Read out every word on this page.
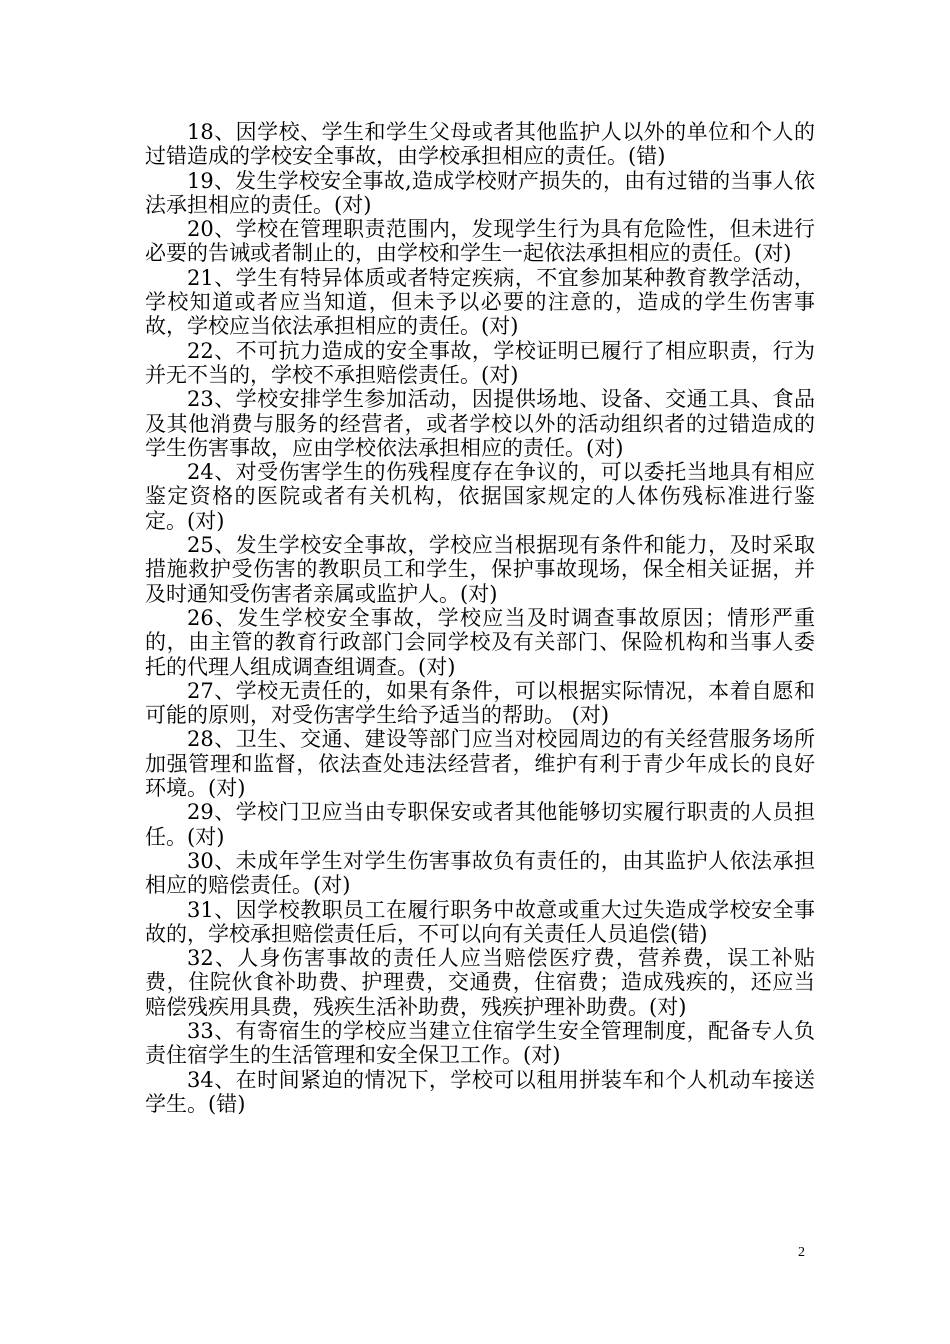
18、因学校、学生和学生父母或者其他监护人以外的单位和个人的过错造成的学校安全事故，由学校承担相应的责任。(错)

19、发生学校安全事故,造成学校财产损失的，由有过错的当事人依法承担相应的责任。(对)

20、学校在管理职责范围内，发现学生行为具有危险性，但未进行必要的告诫或者制止的，由学校和学生一起依法承担相应的责任。(对)

21、学生有特异体质或者特定疾病，不宜参加某种教育教学活动，学校知道或者应当知道，但未予以必要的注意的，造成的学生伤害事故，学校应当依法承担相应的责任。(对)

22、不可抗力造成的安全事故，学校证明已履行了相应职责，行为并无不当的，学校不承担赔偿责任。(对)

23、学校安排学生参加活动，因提供场地、设备、交通工具、食品及其他消费与服务的经营者，或者学校以外的活动组织者的过错造成的学生伤害事故，应由学校依法承担相应的责任。(对)

24、对受伤害学生的伤残程度存在争议的，可以委托当地具有相应鉴定资格的医院或者有关机构，依据国家规定的人体伤残标准进行鉴定。(对)

25、发生学校安全事故，学校应当根据现有条件和能力，及时采取措施救护受伤害的教职员工和学生，保护事故现场，保全相关证据，并及时通知受伤害者亲属或监护人。(对)

26、发生学校安全事故，学校应当及时调查事故原因；情形严重的，由主管的教育行政部门会同学校及有关部门、保险机构和当事人委托的代理人组成调查组调查。(对)

27、学校无责任的，如果有条件，可以根据实际情况，本着自愿和可能的原则，对受伤害学生给予适当的帮助。 (对)

28、卫生、交通、建设等部门应当对校园周边的有关经营服务场所加强管理和监督，依法查处违法经营者，维护有利于青少年成长的良好环境。(对)

29、学校门卫应当由专职保安或者其他能够切实履行职责的人员担任。(对)

30、未成年学生对学生伤害事故负有责任的，由其监护人依法承担相应的赔偿责任。(对)

31、因学校教职员工在履行职务中故意或重大过失造成学校安全事故的，学校承担赔偿责任后，不可以向有关责任人员追偿(错)

32、人身伤害事故的责任人应当赔偿医疗费，营养费，误工补贴费，住院伙食补助费、护理费，交通费，住宿费；造成残疾的，还应当赔偿残疾用具费，残疾生活补助费，残疾护理补助费。(对)

33、有寄宿生的学校应当建立住宿学生安全管理制度，配备专人负责住宿学生的生活管理和安全保卫工作。(对)

34、在时间紧迫的情况下，学校可以租用拼装车和个人机动车接送学生。(错)

2
